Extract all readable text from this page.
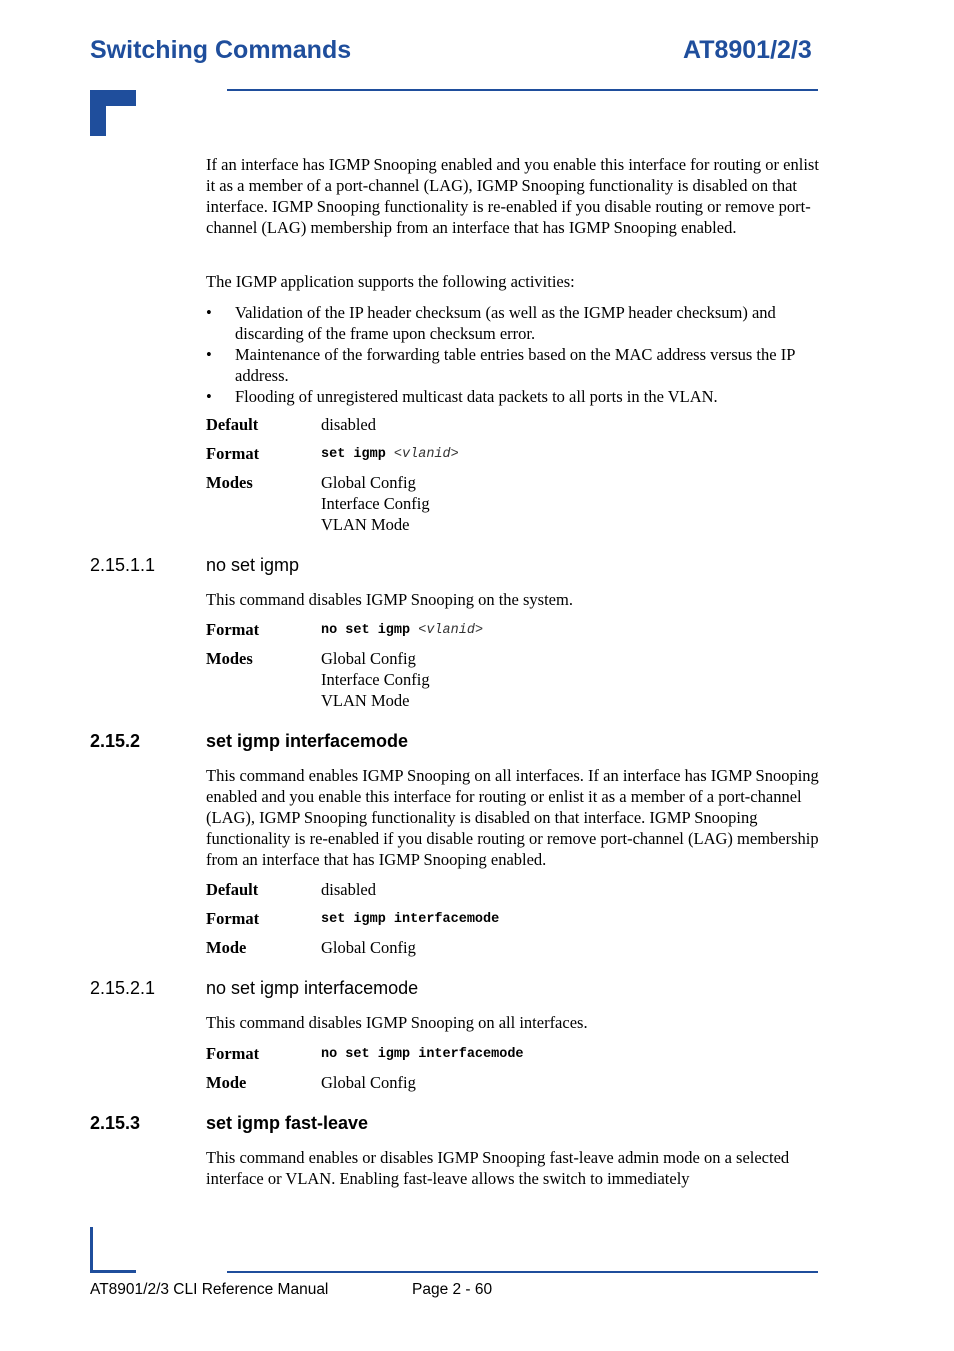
Switching Commands	AT8901/2/3

If an interface has IGMP Snooping enabled and you enable this interface for routing or enlist it as a member of a port-channel (LAG), IGMP Snooping functionality is disabled on that interface. IGMP Snooping functionality is re-enabled if you disable routing or remove port-channel (LAG) membership from an interface that has IGMP Snooping enabled.

The IGMP application supports the following activities:

• Validation of the IP header checksum (as well as the IGMP header checksum) and discarding of the frame upon checksum error.
• Maintenance of the forwarding table entries based on the MAC address versus the IP address.
• Flooding of unregistered multicast data packets to all ports in the VLAN.
Default	disabled
Format	set igmp <vlanid>
Modes	Global Config
Interface Config
VLAN Mode
2.15.1.1	no set igmp

This command disables IGMP Snooping on the system.

Format	no set igmp <vlanid>
Modes	Global Config
Interface Config
VLAN Mode
2.15.2	set igmp interfacemode

This command enables IGMP Snooping on all interfaces. If an interface has IGMP Snooping enabled and you enable this interface for routing or enlist it as a member of a port-channel (LAG), IGMP Snooping functionality is disabled on that interface. IGMP Snooping functionality is re-enabled if you disable routing or remove port-channel (LAG) membership from an interface that has IGMP Snooping enabled.

Default	disabled
Format	set igmp interfacemode
Mode	Global Config
2.15.2.1	no set igmp interfacemode

This command disables IGMP Snooping on all interfaces.

Format	no set igmp interfacemode
Mode	Global Config
2.15.3	set igmp fast-leave

This command enables or disables IGMP Snooping fast-leave admin mode on a selected interface or VLAN. Enabling fast-leave allows the switch to immediately

AT8901/2/3 CLI Reference Manual	Page 2 - 60
